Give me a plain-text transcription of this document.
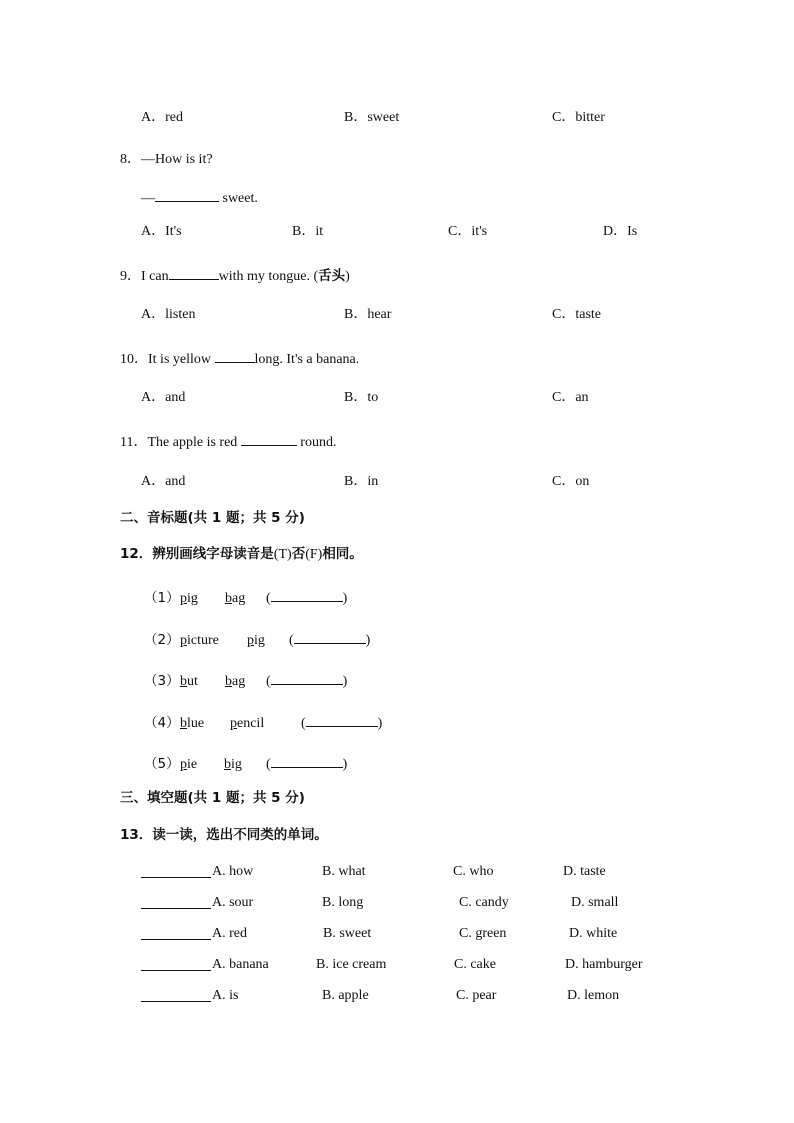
A．red	B．sweet	C．bitter
8．—How is it?
—	sweet.
A．It's	B．it	C．it's	D．Is
9．I can	with my tongue. (舌头)
A．listen	B．hear	C．taste
10．It is yellow	long. It's a banana.
A．and	B．to	C．an
11．The apple is red	round.
A．and	B．in	C．on
二、音标题(共 1 题；共 5 分)
12．辨别画线字母读音是(T)否(F)相同。
（1）pig bag (	)
（2）picture pig (	)
（3）but bag (	)
（4）blue pencil	(	)
（5）pie big (	)
三、填空题(共 1 题；共 5 分)
13．读一读，选出不同类的单词。
A. how	B. what	C. who	D. taste
A. sour	B. long	C. candy	D. small
A. red	B. sweet	C. green	D. white
A. banana	B. ice cream	C. cake	D. hamburger
A. is	B. apple	C. pear	D. lemon
